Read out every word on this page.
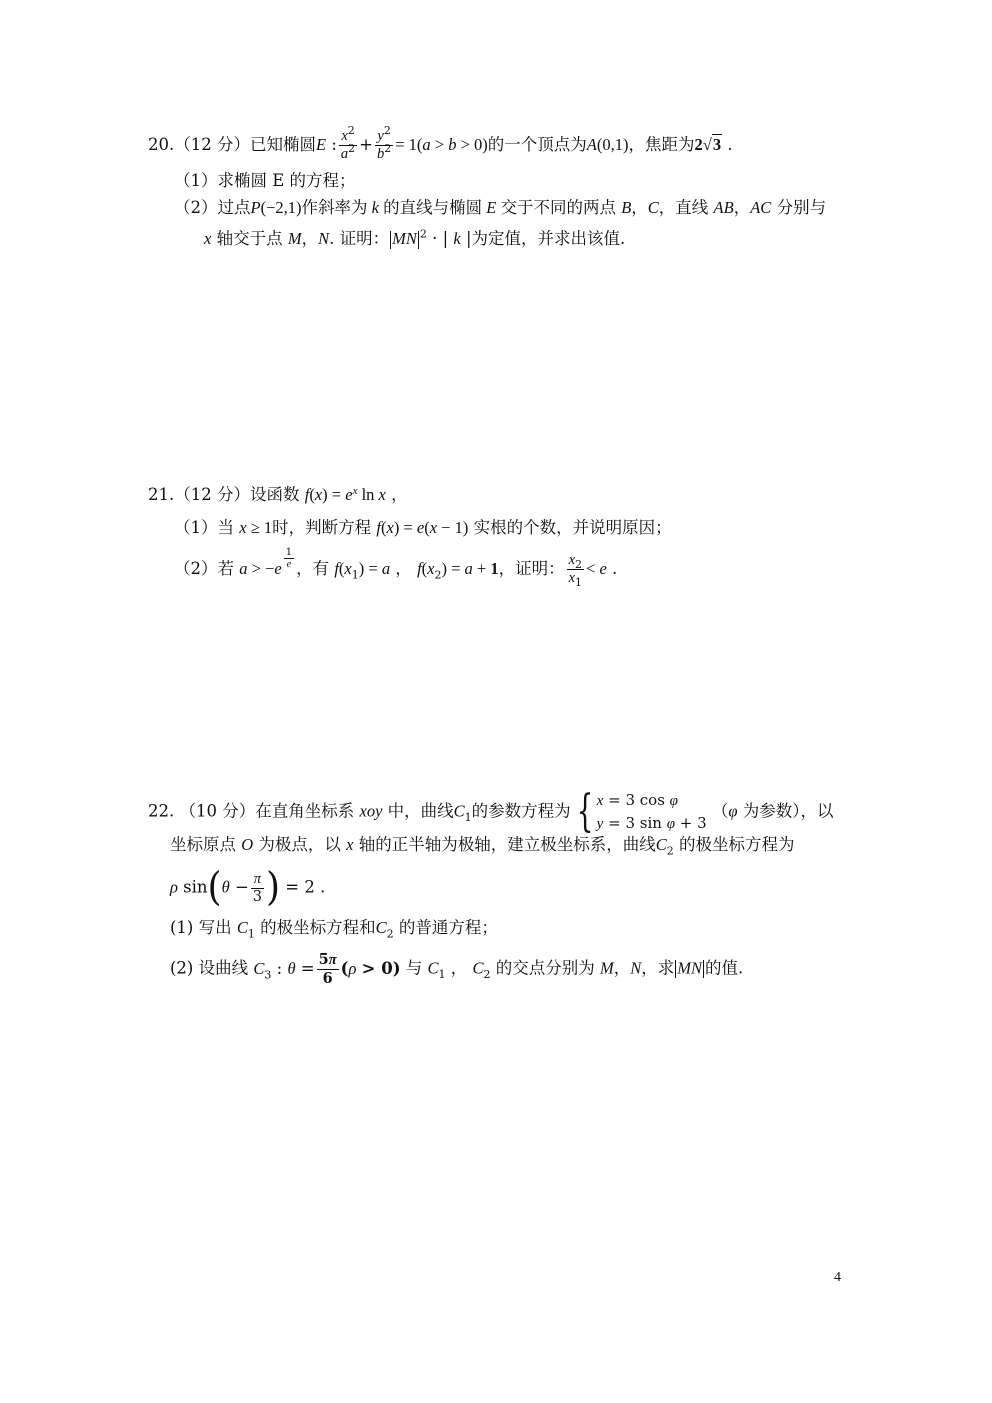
20.（12 分）已知椭圆E : $\frac{x^2}{a^2} + \frac{y^2}{b^2} = 1(a > b > 0)$的一个顶点为A(0,1)，焦距为2√3 .
（1）求椭圆 E 的方程；
（2）过点P(−2,1)作斜率为 k 的直线与椭圆 E 交于不同的两点 B，C，直线 AB，AC 分别与
x 轴交于点 M，N. 证明： MN $^2$ · | k |为定值，并求出该值.
21.（12 分）设函数 $f(x) = e^x$ ln x ，
（1）当 x ≥ 1时，判断方程 f(x) = e(x − 1) 实根的个数，并说明原因；
（2）若 a > −e $^{\frac{1}{e}}$ ，有 $f(x_1) = a$ ， $f(x_2) = a + 1$，证明： $\frac{x_2}{x_1} < e$ .
22. （10 分）在直角坐标系 xoy 中，曲线$C_1$的参数方程为 { x = 3 cos φ
y = 3 sin φ + 3
（φ 为参数），以
坐标原点 O 为极点，以 x 轴的正半轴为极轴，建立极坐标系，曲线$C_2$ 的极坐标方程为
ρ $\sin(\theta - \frac{\pi}{3}$ ) = 2 .
(1) 写出 $C_1$ 的极坐标方程和$C_2$ 的普通方程；
(2) 设曲线 $C_3$ : $\theta = \frac{5\pi}{6} (\rho > 0)$ 与 $C_1$ ， $C_2$ 的交点分别为 M，N，求 MN 的值.
4
